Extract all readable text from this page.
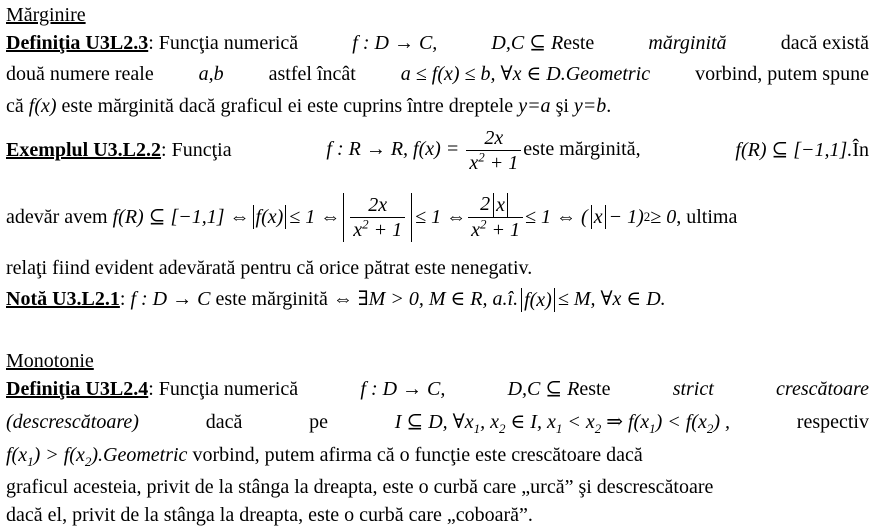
Mărginire
Definiţia U3L2.3: Funcţia numerică	f : D → C,	D,C ⊆ Reste	mărginită	dacă există
două numere reale a,b astfel încât a ≤ f(x) ≤ b, ∀x ∈ D.Geometric vorbind, putem spune
că f(x) este mărginită dacă graficul ei este cuprins între dreptele y=a şi y=b.
Exemplul U3.L2.2: Funcţia	f : R → R, $f(x) = \frac{2x}{x^2 + 1}$ este mărginită,	f(R) ⊆ [−1,1].În
adevăr avem
f(R) ⊆ [−1,1] ⇔ f(x) ≤ 1 ⇔ $\frac{2x}{x^2 + 1} \le 1$ ⇔ $\frac{2 x}{x^2 + 1} \le 1$ ⇔ ( x − 1) 2 ≥ 0 , ultima
relaţi fiind evident adevărată pentru că orice pătrat este nenegativ.
Notă U3.L2.1: f : D → C este mărginită ⇔ ∃M > 0, M ∈ R, a.î. f(x) ≤ M, ∀x ∈ D.
Monotonie
Definiţia U3L2.4: Funcţia numerică	f : D → C,	D,C ⊆ Reste	strict	crescătoare
(descrescătoare)	dacă	pe	I ⊆ D, $\forall x_1$, $x_2$ ∈ I, $x_1 < x_2$ ⇒ $f(x_1) < f(x_2)$ ,	respectiv
$f(x_1)$ > $f(x_2).Geometric$ vorbind, putem afirma că o funcţie este crescătoare dacă
graficul acesteia, privit de la stânga la dreapta, este o curbă care „urcă” şi descrescătoare
dacă el, privit de la stânga la dreapta, este o curbă care „coboară”.
